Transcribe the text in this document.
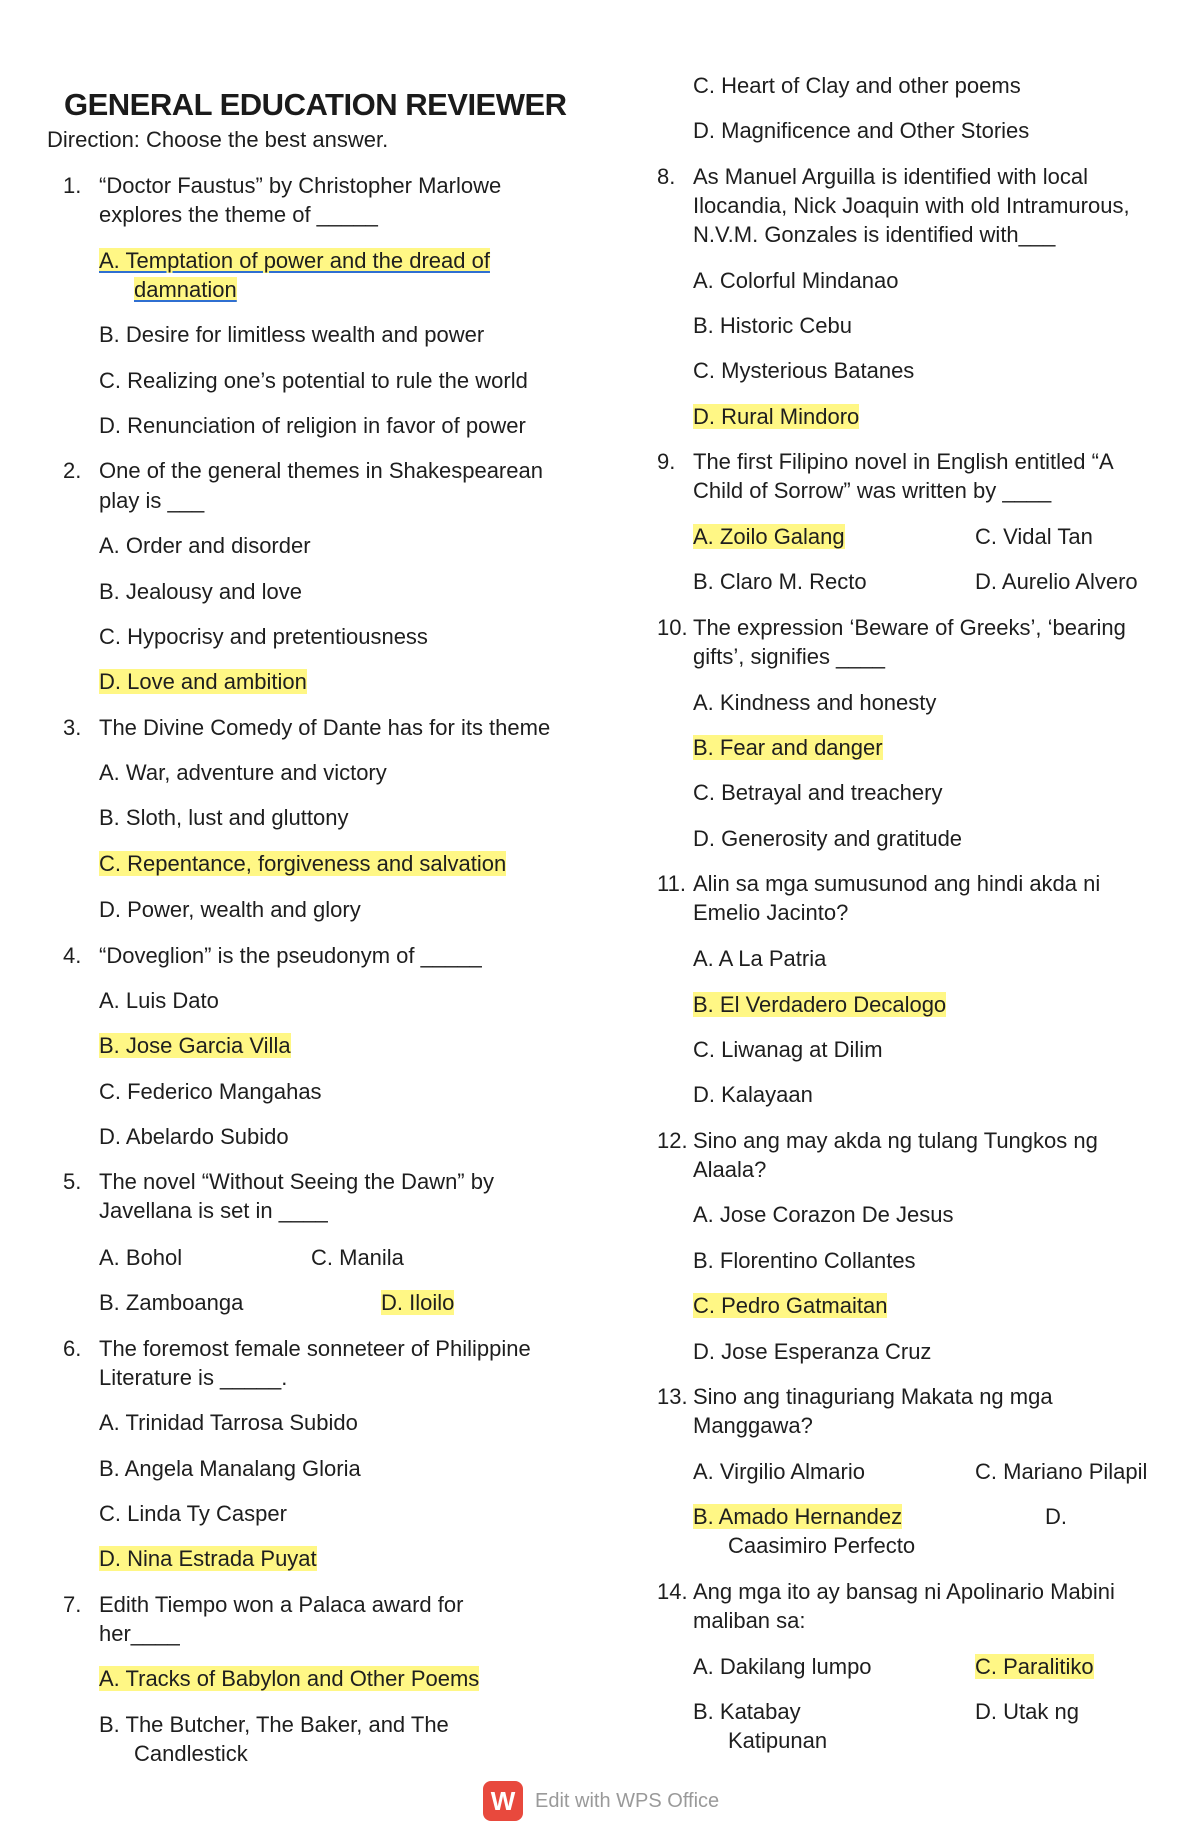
GENERAL EDUCATION REVIEWER
Direction: Choose the best answer.
1. “Doctor Faustus” by Christopher Marlowe
explores the theme of _____
A. Temptation of power and the dread of
damnation
B. Desire for limitless wealth and power
C. Realizing one’s potential to rule the world
D. Renunciation of religion in favor of power
2. One of the general themes in Shakespearean
play is ___
A. Order and disorder
B. Jealousy and love
C. Hypocrisy and pretentiousness
D. Love and ambition
3. The Divine Comedy of Dante has for its theme
A. War, adventure and victory
B. Sloth, lust and gluttony
C. Repentance, forgiveness and salvation
D. Power, wealth and glory
4. “Doveglion” is the pseudonym of _____
A. Luis Dato
B. Jose Garcia Villa
C. Federico Mangahas
D. Abelardo Subido
5. The novel “Without Seeing the Dawn” by
Javellana is set in ____
A. Bohol	C. Manila
B. Zamboanga	D. Iloilo
6. The foremost female sonneteer of Philippine
Literature is _____.
A. Trinidad Tarrosa Subido
B. Angela Manalang Gloria
C. Linda Ty Casper
D. Nina Estrada Puyat
7. Edith Tiempo won a Palaca award for
her____
A. Tracks of Babylon and Other Poems
B. The Butcher, The Baker, and The
Candlestick
C. Heart of Clay and other poems
D. Magnificence and Other Stories
8. As Manuel Arguilla is identified with local
Ilocandia, Nick Joaquin with old Intramurous,
N.V.M. Gonzales is identified with___
A. Colorful Mindanao
B. Historic Cebu
C. Mysterious Batanes
D. Rural Mindoro
9. The first Filipino novel in English entitled “A
Child of Sorrow” was written by ____
A. Zoilo Galang	C. Vidal Tan
B. Claro M. Recto	D. Aurelio Alvero
10. The expression ‘Beware of Greeks’, ‘bearing
gifts’, signifies ____
A. Kindness and honesty
B. Fear and danger
C. Betrayal and treachery
D. Generosity and gratitude
11. Alin sa mga sumusunod ang hindi akda ni
Emelio Jacinto?
A. A La Patria
B. El Verdadero Decalogo
C. Liwanag at Dilim
D. Kalayaan
12. Sino ang may akda ng tulang Tungkos ng
Alaala?
A. Jose Corazon De Jesus
B. Florentino Collantes
C. Pedro Gatmaitan
D. Jose Esperanza Cruz
13. Sino ang tinaguriang Makata ng mga
Manggawa?
A. Virgilio Almario	C. Mariano Pilapil
B. Amado Hernandez	D.
Caasimiro Perfecto
14. Ang mga ito ay bansag ni Apolinario Mabini
maliban sa:
A. Dakilang lumpo	C. Paralitiko
B. Katabay	D. Utak ng
Katipunan
W Edit with WPS Office
